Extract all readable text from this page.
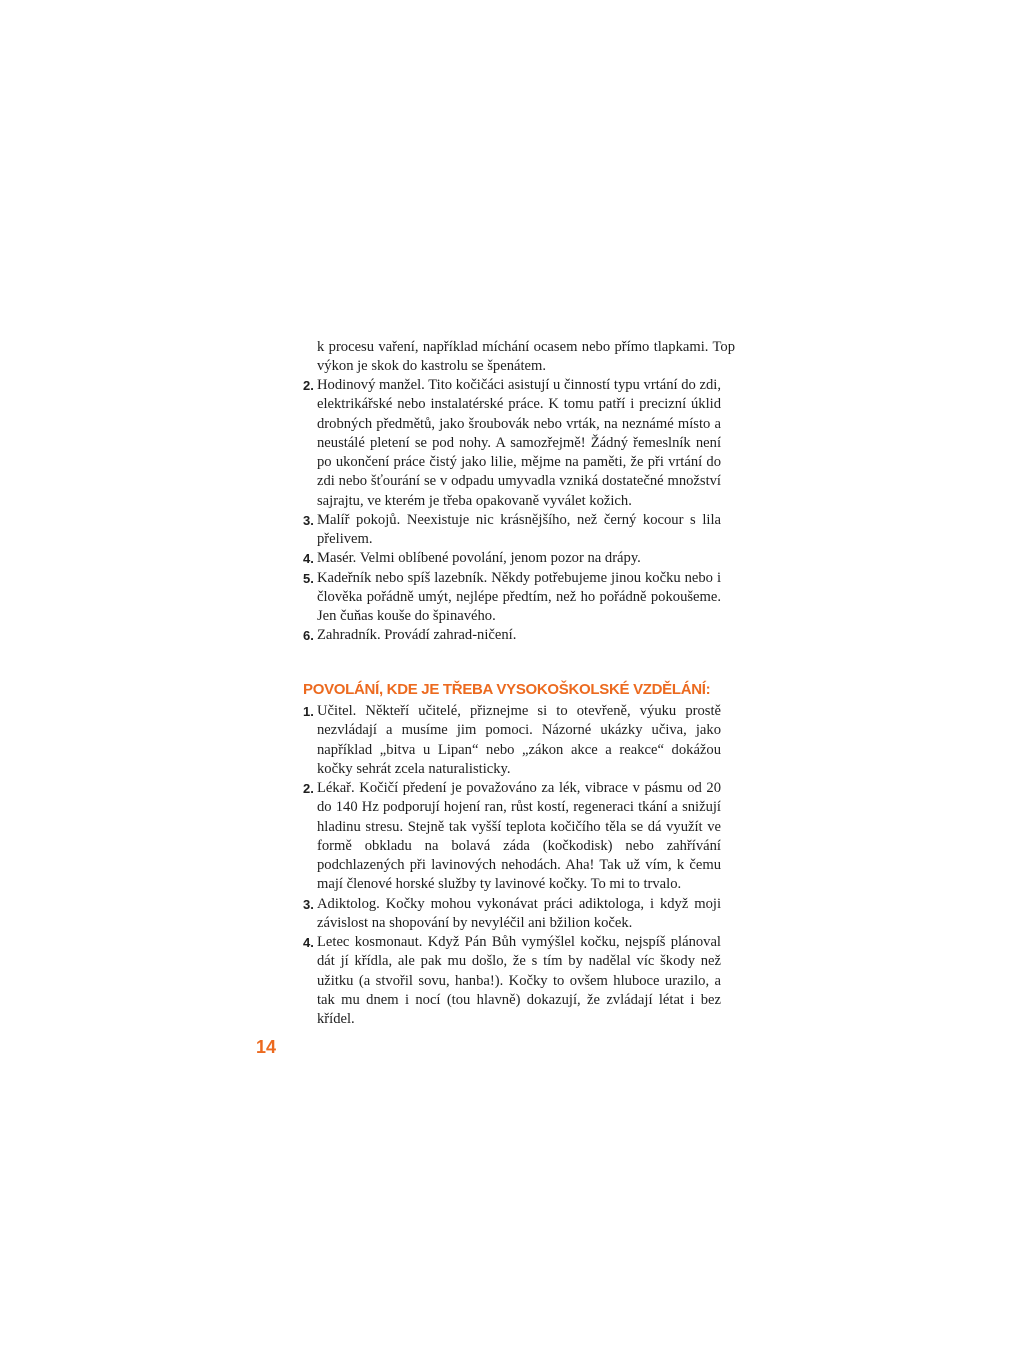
k procesu vaření, například míchání ocasem nebo přímo tlapkami. Top výkon je skok do kastrolu se špenátem.
2. Hodinový manžel. Tito kočičáci asistují u činností typu vrtání do zdi, elektrikářské nebo instalatérské práce. K tomu patří i precizní úklid drobných předmětů, jako šroubovák nebo vrták, na neznámé místo a neustálé pletení se pod nohy. A samozřejmě! Žádný řemeslník není po ukončení práce čistý jako lilie, mějme na paměti, že při vrtání do zdi nebo šťourání se v odpadu umyvadla vzniká dostatečné množství sajrajtu, ve kterém je třeba opakovaně vyválet kožich.
3. Malíř pokojů. Neexistuje nic krásnějšího, než černý kocour s lila přelivem.
4. Masér. Velmi oblíbené povolání, jenom pozor na drápy.
5. Kadeřník nebo spíš lazebník. Někdy potřebujeme jinou kočku nebo i člověka pořádně umýt, nejlépe předtím, než ho pořádně pokoušeme. Jen čuňas kouše do špinavého.
6. Zahradník. Provádí zahrad-ničení.
POVOLÁNÍ, KDE JE TŘEBA VYSOKOŠKOLSKÉ VZDĚLÁNÍ:
1. Učitel. Někteří učitelé, přiznejme si to otevřeně, výuku prostě nezvládají a musíme jim pomoci. Názorné ukázky učiva, jako například „bitva u Lipan“ nebo „zákon akce a reakce“ dokážou kočky sehrát zcela naturalisticky.
2. Lékař. Kočičí předení je považováno za lék, vibrace v pásmu od 20 do 140 Hz podporují hojení ran, růst kostí, regeneraci tkání a snižují hladinu stresu. Stejně tak vyšší teplota kočičího těla se dá využít ve formě obkladu na bolavá záda (kočkodisk) nebo zahřívání podchlazených při lavinových nehodách. Aha! Tak už vím, k čemu mají členové horské služby ty lavinové kočky. To mi to trvalo.
3. Adiktolog. Kočky mohou vykonávat práci adiktologa, i když moji závislost na shopování by nevyléčil ani bžilion koček.
4. Letec kosmonaut. Když Pán Bůh vymýšlel kočku, nejspíš plánoval dát jí křídla, ale pak mu došlo, že s tím by nadělal víc škody než užitku (a stvořil sovu, hanba!). Kočky to ovšem hluboce urazilo, a tak mu dnem i nocí (tou hlavně) dokazují, že zvládají létat i bez křídel.
14
